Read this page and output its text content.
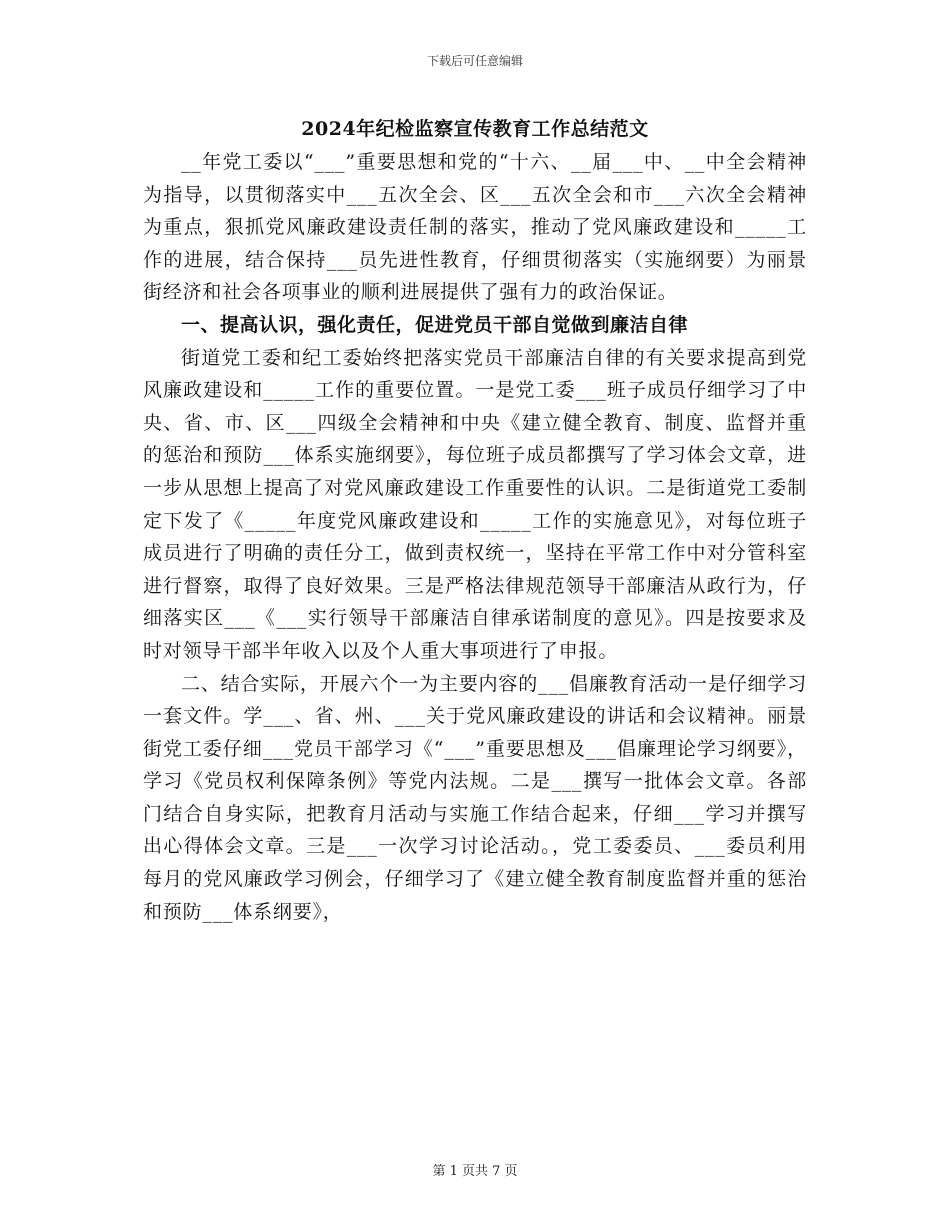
下载后可任意编辑
2024年纪检监察宣传教育工作总结范文

__年党工委以“___”重要思想和党的“十六、__届___中、__中全会精神为指导，以贯彻落实中___五次全会、区___五次全会和市___六次全会精神为重点，狠抓党风廉政建设责任制的落实，推动了党风廉政建设和_____工作的进展，结合保持___员先进性教育，仔细贯彻落实（实施纲要）为丽景街经济和社会各项事业的顺利进展提供了强有力的政治保证。

一、提高认识，强化责任，促进党员干部自觉做到廉洁自律

街道党工委和纪工委始终把落实党员干部廉洁自律的有关要求提高到党风廉政建设和_____工作的重要位置。一是党工委___班子成员仔细学习了中央、省、市、区___四级全会精神和中央《建立健全教育、制度、监督并重的惩治和预防___体系实施纲要》，每位班子成员都撰写了学习体会文章，进一步从思想上提高了对党风廉政建设工作重要性的认识。二是街道党工委制定下发了《_____年度党风廉政建设和_____工作的实施意见》，对每位班子成员进行了明确的责任分工，做到责权统一，坚持在平常工作中对分管科室进行督察，取得了良好效果。三是严格法律规范领导干部廉洁从政行为，仔细落实区___《___实行领导干部廉洁自律承诺制度的意见》。四是按要求及时对领导干部半年收入以及个人重大事项进行了申报。

二、结合实际，开展六个一为主要内容的___倡廉教育活动一是仔细学习一套文件。学___、省、州、___关于党风廉政建设的讲话和会议精神。丽景街党工委仔细___党员干部学习《“___”重要思想及___倡廉理论学习纲要》，学习《党员权利保障条例》等党内法规。二是___撰写一批体会文章。各部门结合自身实际，把教育月活动与实施工作结合起来，仔细___学习并撰写出心得体会文章。三是___一次学习讨论活动。，党工委委员、___委员利用每月的党风廉政学习例会，仔细学习了《建立健全教育制度监督并重的惩治和预防___体系纲要》，

第 1 页共 7 页
